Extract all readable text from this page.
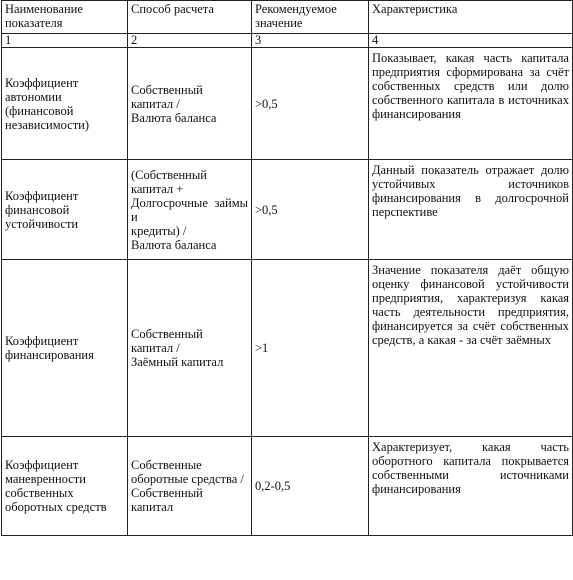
Наименование показателя	Способ расчета	Рекомендуемое значение	Характеристика
1	2	3	4

Коэффициент автономии (финансовой независимости)	Собственный капитал /
Валюта баланса	>0,5	Показывает, какая часть капитала предприятия сформирована за счёт собственных средств или долю собственного капитала в источниках финансирования

Коэффициент финансовой устойчивости	(Собственный капитал +
Долгосрочные займы и
кредиты) /
Валюта баланса	>0,5	Данный показатель отражает долю устойчивых источников финансирования в долгосрочной перспективе

Коэффициент финансирования	Собственный капитал /
Заёмный капитал	>1	Значение показателя даёт общую оценку финансовой устойчивости предприятия, характеризуя какая часть деятельности предприятия, финансируется за счёт собственных средств, а какая - за счёт заёмных

Коэффициент маневренности собственных оборотных средств	Собственные оборотные средства /
Собственный капитал	0,2-0,5	Характеризует, какая часть оборотного капитала покрывается собственными источниками финансирования
